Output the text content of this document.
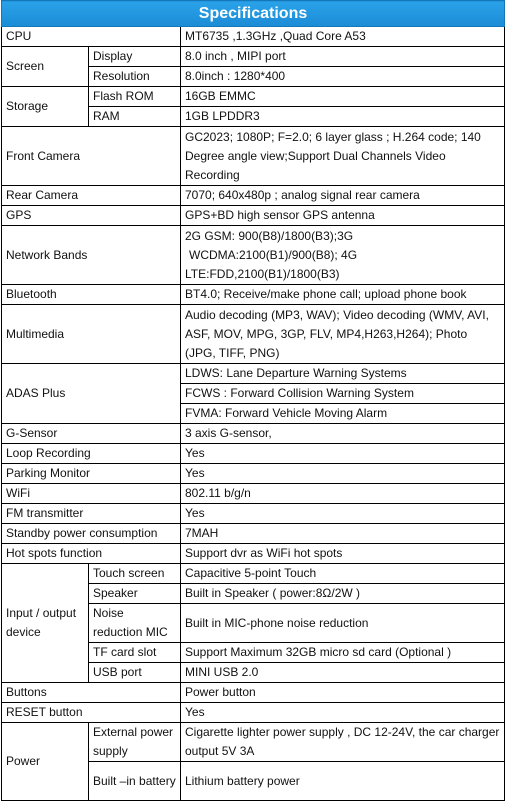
Specifications		
CPU		MT6735 ,1.3GHz ,Quad Core A53
Screen	Display	8.0 inch , MIPI port
	Resolution	8.0inch : 1280*400
Storage	Flash ROM	16GB EMMC
	RAM	1GB LPDDR3
Front Camera		GC2023; 1080P; F=2.0; 6 layer glass ; H.264 code; 140 Degree angle view;Support Dual Channels Video Recording
Rear Camera		7070; 640x480p ; analog signal rear camera
GPS		GPS+BD high sensor GPS antenna
Network Bands		2G GSM: 900(B8)/1800(B3);3G
WCDMA:2100(B1)/900(B8); 4G
LTE:FDD,2100(B1)/1800(B3)

Bluetooth		BT4.0; Receive/make phone call; upload phone book
Multimedia		Audio decoding (MP3, WAV); Video decoding (WMV, AVI, ASF, MOV, MPG, 3GP, FLV, MP4,H263,H264); Photo (JPG, TIFF, PNG)
ADAS Plus		LDWS: Lane Departure Warning Systems
		FCWS : Forward Collision Warning System
		FVMA: Forward Vehicle Moving Alarm
G-Sensor		3 axis G-sensor,
Loop Recording		Yes
Parking Monitor		Yes
WiFi		802.11 b/g/n
FM transmitter		Yes
Standby power consumption		7MAH
Hot spots function		Support dvr as WiFi hot spots
Input / output device	Touch screen	Capacitive 5-point Touch
	Speaker	Built in Speaker ( power:8Ω/2W )
	Noise reduction MIC	Built in MIC-phone noise reduction
	TF card slot	Support Maximum 32GB micro sd card (Optional )
	USB port	MINI USB 2.0
Buttons		Power button
RESET button		Yes
Power	External power supply	Cigarette lighter power supply , DC 12-24V, the car charger output 5V 3A
	Built –in battery	Lithium battery power
